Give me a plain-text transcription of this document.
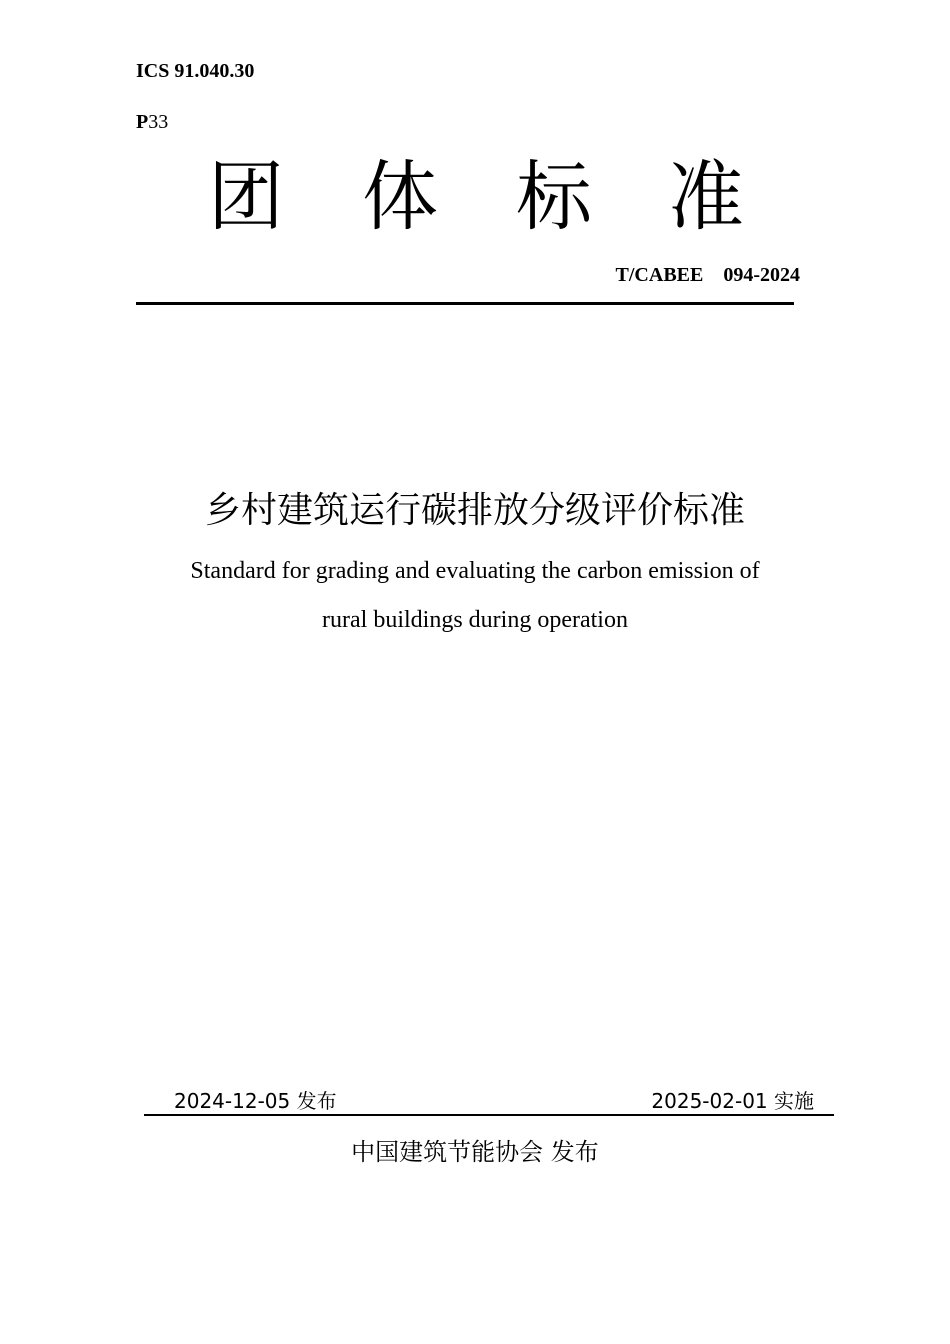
ICS 91.040.30
P33
团 体 标 准
T/CABEE　094-2024
乡村建筑运行碳排放分级评价标准
Standard for grading and evaluating the carbon emission of
rural buildings during operation
2024-12-05 发布	2025-02-01 实施
中国建筑节能协会 发布
